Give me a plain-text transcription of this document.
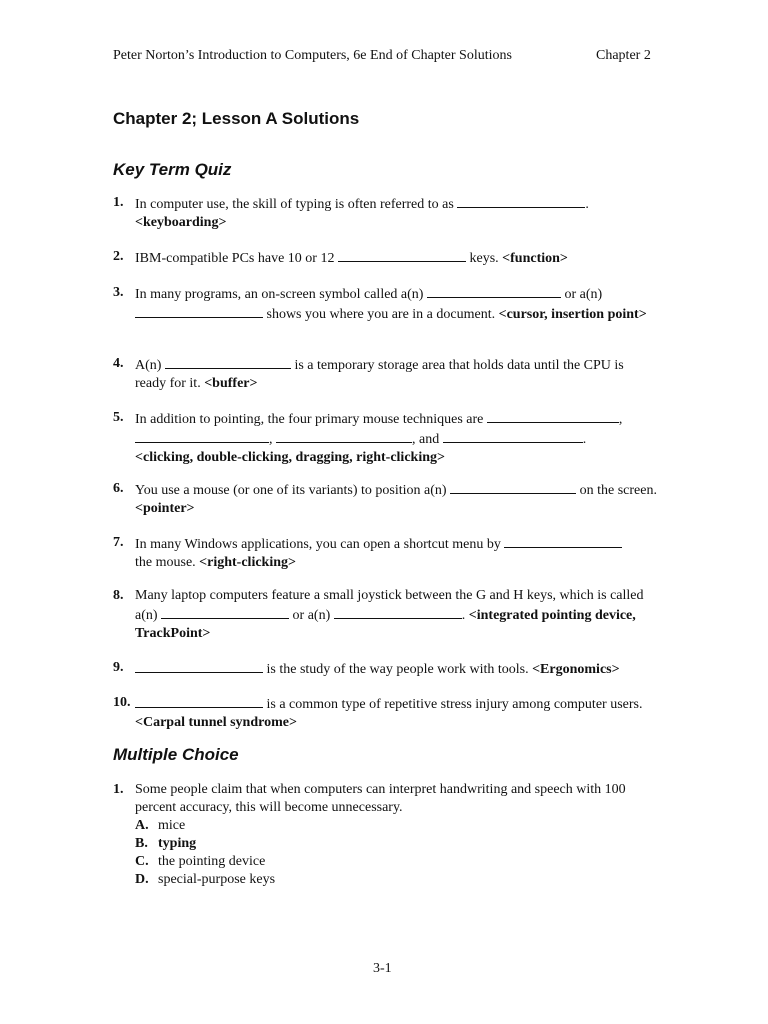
Peter Norton’s Introduction to Computers, 6e End of Chapter Solutions	Chapter 2
Chapter 2; Lesson A Solutions
Key Term Quiz
1. In computer use, the skill of typing is often referred to as	.
<keyboarding>
2. IBM-compatible PCs have 10 or 12	keys. <function>
3. In many programs, an on-screen symbol called a(n)	or a(n)
shows you where you are in a document. <cursor, insertion point>
4. A(n)	is a temporary storage area that holds data until the CPU is ready for it. <buffer>
5. In addition to pointing, the four primary mouse techniques are	,
,	, and	.
<clicking, double-clicking, dragging, right-clicking>
6. You use a mouse (or one of its variants) to position a(n)	on the screen. <pointer>
7. In many Windows applications, you can open a shortcut menu by
the mouse. <right-clicking>
8. Many laptop computers feature a small joystick between the G and H keys, which is called a(n)	or a(n)	. <integrated pointing device, TrackPoint>
9.	is the study of the way people work with tools. <Ergonomics>
10.	is a common type of repetitive stress injury among computer users. <Carpal tunnel syndrome>
Multiple Choice
1. Some people claim that when computers can interpret handwriting and speech with 100 percent accuracy, this will become unnecessary.
A. mice
B. typing
C. the pointing device
D. special-purpose keys
3-1
